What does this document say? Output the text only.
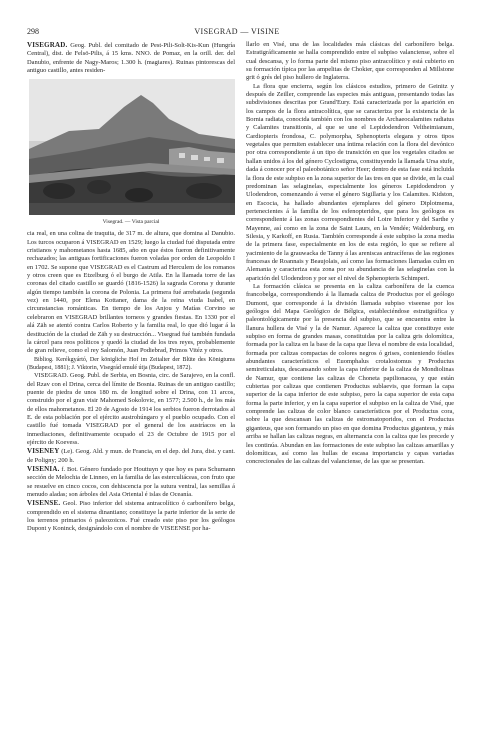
298	VISEGRAD — VISINE

VISEGRAD. Geog. Publ. del comitado de Pest-Pili-Solt-Kis-Kun (Hungría Central), dist. de Felsö-Pilis, á 15 kms. NNO. de Pomaz, en la orill. der. del Danubio, enfrente de Nagy-Maros; 1.300 h. (magiares). Ruinas pintorescas del antiguo castillo, antes residen-

Visegrad. — Vista parcial

cia real, en una colina de traquita, de 317 m. de altura, que domina al Danubio. Los turcos ocuparon á VISEGRAD en 1529; luego la ciudad fué disputada entre cristianos y mahometanos hasta 1685, año en que éstos fueron definitivamente rechazados; las antiguas fortificaciones fueron voladas por orden de Leopoldo I en 1702. Se supone que VISEGRAD es el Castrum ad Herculem de los romanos y otros creen que es Etzelburg ó el burgo de Atila. En la llamada torre de las coronas del citado castillo se guardó (1816-1526) la sagrada Corona y durante algún tiempo también la corona de Polonia. La primera fué arrebatada (segunda vez) en 1440, por Elena Kottaner, dama de la reina viuda Isabel, en circunstancias románticas. En tiempo de los Anjou y Matías Corvino se celebraron en VISEGRAD brillantes torneos y grandes fiestas. En 1330 por el alá Zäh se atentó contra Carlos Roberto y la familia real, lo que dió lugar á la destitución de la ciudad de Zäh y su destrucción... Visegrad fué también fundada la cárcel para reos políticos y quedó la ciudad de los tres reyes, probablemente de gran relieve, como el rey Salomón, Juan Podiebrad, Primos Vitéz y otros.

Bibliog. Kerékgyártó, Der königliche Hof im Zeitalter der Blüte des Königtums (Budapest, 1881); J. Viktorin, Visegrád emulé útja (Budapest, 1872).

VISEGRAD. Geog. Publ. de Serbia, en Bosnia, circ. de Sarajevo, en la confl. del Rzav con el Drina, cerca del límite de Bosnia. Ruinas de un antiguo castillo; puente de piedra de unos 180 m. de longitud sobre el Drina, con 11 arcos, construido por el gran visir Mahomed Sokolovic, en 1577; 2.500 h., de los más de ellos mahometanos. El 20 de Agosto de 1914 los serbios fueron derrotados al E. de esta población por el ejército austrohúngaro y el pueblo ocupado. Con el castillo fué tomada VISEGRAD por el general de los austríacos en la inmediaciones, definitivamente ocupado el 23 de Octubre de 1915 por el ejército de Koevess.

VISENEY (Le). Geog. Ald. y mun. de Francia, en el dep. del Jura, dist. y cant. de Poligny; 200 h.

VISENIA. f. Bot. Género fundado por Houttuyn y que hoy es para Schumann sección de Melochia de Linneo, en la familia de las esterculiáceas, con fruto que se resuelve en cinco cocos, con dehiscencia por la sutura ventral, las semillas á menudo aladas; son árboles del Asia Oriental é islas de Oceanía.

VISENSE. Geol. Piso inferior del sistema antracolítico ó carbonífero belga, comprendido en el sistema dinantiano; constituye la parte inferior de la serie de los terrenos primarios ó paleozoicos. Fué creado este piso por los geólogos Dupont y Koninck, designándolo con el nombre de VISEENSE por ha-

llarlo en Visé, una de las localidades más clásicas del carbonífero belga. Estratigráficamente se halla comprendido entre el subpiso valanciense, sobre el cual descansa, y lo forma parte del mismo piso antracolítico y está cubierto en su formación típica por las ampelitas de Chokier, que corresponden al Millstone grit ó grés del piso hullero de Inglaterra.

La flora que encierra, según los clásicos estudios, primero de Geinitz y después de Zeiller, comprende las especies más antiguas, presentando todas las subdivisiones descritas por Grand'Eury. Está caracterizada por la aparición en los campos de la flora antracolítica, que se caracteriza por la existencia de la Bornia radiata, conocida también con los nombres de Archaeocalamites radiatus y Calamites transitionis, al que se une el Lepidodendron Veltheimianum, Cardiopteris frondosa, C. polymorpha, Sphenopteris elegans y otros tipos vegetales que permiten establecer una íntima relación con la flora del devónico por otra correspondiente á un tipo de transición en que los vegetales citados se hallan unidos á los del género Cyclostigma, constituyendo la llamada Ursa stufe, dada á conocer por el paleobotánico señor Heer; dentro de esta fase está incluida la flora de este subpiso en la zona superior de las tres en que se divide, en la cual predominan las selaginelas, especialmente los géneros Lepidodendron y Ulodendron, comenzando á verse el género Sigillaria y los Calamites. Kidston, en Escocia, ha hallado abundantes ejemplares del género Diplotmema, pertenecientes á la familia de los esfenopteridos, que para los geólogos es correspondiente á las zonas correspondientes del Loire Inferior y del Sarthe y Mayenne, así como en la zona de Saint Laurs, en la Vendée; Waldenburg, en Silesia, y Karkoff, en Rusia. También corresponde á este subpiso la zona media de la primera fase, especialmente en los de esta región, lo que se refiere al yacimiento de la grauwacka de Tanny á las areniscas antracíferas de las regiones francesas de Roannais y Beaujolais, así como las formaciones llamadas culm en Alemania y caracteriza esta zona por su abundancia de las selaginelas con la aparición del Ulodendron y por ser el nivel de Sphenopteris Schimperi.

La formación clásica se presenta en la caliza carbonífera de la cuenca francobelga, correspondiendo á la llamada caliza de Productus por el geólogo Dumont, que corresponde á la división llamada subpiso viseense por los geólogos del Mapa Geológico de Bélgica, estableciéndose estratigráfica y paleontológicamente por la presencia del subpiso, que se encuentra entre la llanura hullera de Visé y la de Namur. Aparece la caliza que constituye este subpiso en forma de grandes masas, constituidas por la caliza gris dolomítica, formada por la caliza en la base de la capa que lleva el nombre de esta localidad, formada por calizas compactas de colores negros ó grises, conteniendo fósiles abundantes característicos el Euomphalus crotalostomus y Productus semireticulatus, descansando sobre la capa inferior de la caliza de Mondiolinas de Namur, que contiene las calizas de Choneta papilionacea, y que están cubiertas por calizas que contienen Productus sublaevis, que forman la capa superior de la capa inferior de este subpiso, pero la capa superior de esta capa forma la parte inferior, y en la capa superior el subpiso en la caliza de Visé, que comprende las calizas de color blanco característicos por el Productus cora, sobre la que descansan las calizas de estromatoporidos, con el Productus giganteus, que son formando un piso en que domina Productus giganteus, y más arriba se hallan las calizas negras, en alternancia con la caliza que les precede y les continúa. Abundan en las formaciones de este subpiso las calizas amarillas y dolomíticas, así como las hullas de escasa importancia y capas variadas concrecionales de las calizas del valanciense, de las que se presentan.
